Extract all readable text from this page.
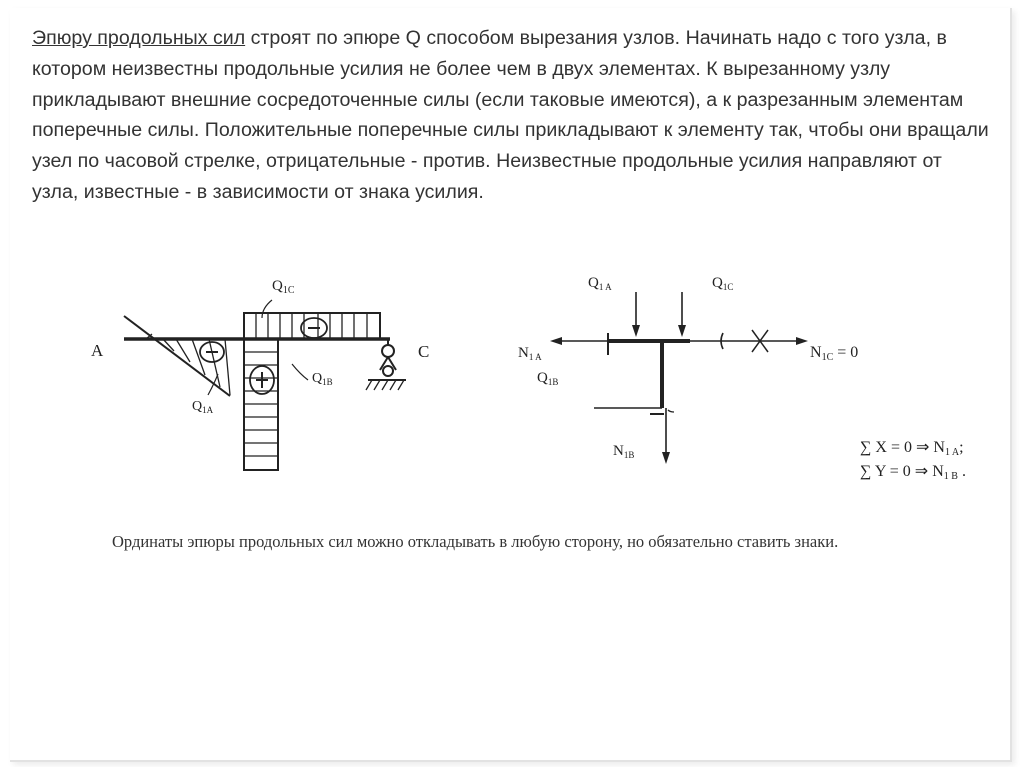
Эпюру продольных сил строят по эпюре Q способом вырезания узлов. Начинать надо с того узла, в котором неизвестны продольные усилия не более чем в двух элементах. К вырезанному узлу прикладывают внешние сосредоточенные силы (если таковые имеются), а к разрезанным элементам поперечные силы. Положительные поперечные силы прикладывают к элементу так, чтобы они вращали узел по часовой стрелке, отрицательные - против. Неизвестные продольные усилия направляют от узла, известные - в зависимости от знака усилия.

A	C
$Q_{1C}$
$Q_{1B}$
$Q_{1A}$
$Q_{1 A}$	$Q_{1C}$
$N_{1 A}$
$Q_{1B}$
N1C = 0
$N_{1B}$	∑ X = 0 ⇒ N1 A;
∑ Y = 0 ⇒ N1 B .

Ординаты эпюры продольных сил можно откладывать в любую сторону, но обязательно ставить знаки.
